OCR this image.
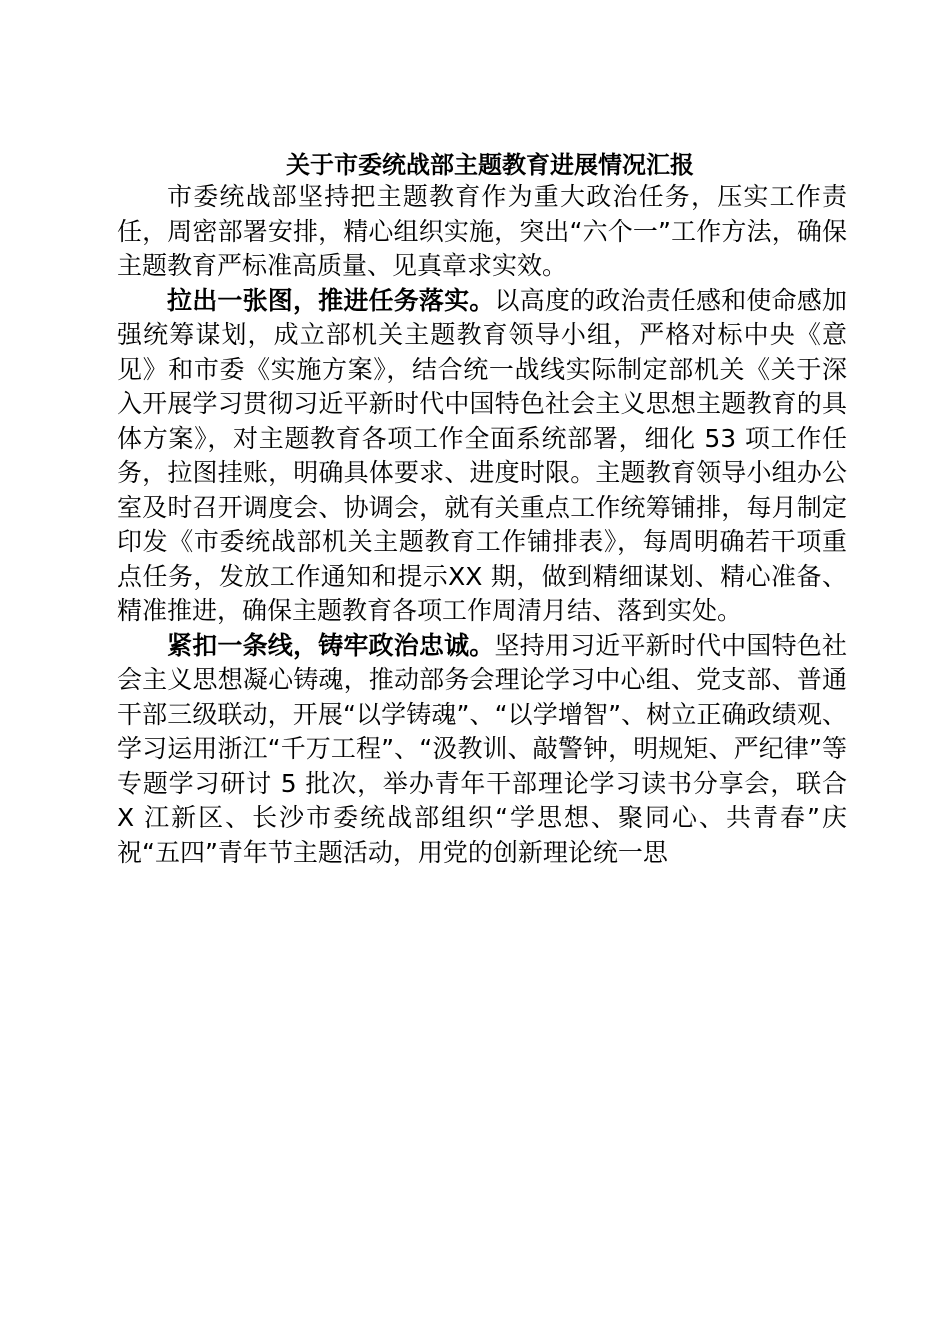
关于市委统战部主题教育进展情况汇报

市委统战部坚持把主题教育作为重大政治任务，压实工作责任，周密部署安排，精心组织实施，突出“六个一”工作方法，确保主题教育严标准高质量、见真章求实效。

拉出一张图，推进任务落实。以高度的政治责任感和使命感加强统筹谋划，成立部机关主题教育领导小组，严格对标中央《意见》和市委《实施方案》，结合统一战线实际制定部机关《关于深入开展学习贯彻习近平新时代中国特色社会主义思想主题教育的具体方案》，对主题教育各项工作全面系统部署，细化 53 项工作任务，拉图挂账，明确具体要求、进度时限。主题教育领导小组办公室及时召开调度会、协调会，就有关重点工作统筹铺排，每月制定印发《市委统战部机关主题教育工作铺排表》，每周明确若干项重点任务，发放工作通知和提示XX 期，做到精细谋划、精心准备、精准推进，确保主题教育各项工作周清月结、落到实处。

紧扣一条线，铸牢政治忠诚。坚持用习近平新时代中国特色社会主义思想凝心铸魂，推动部务会理论学习中心组、党支部、普通干部三级联动，开展“以学铸魂”、“以学增智”、树立正确政绩观、学习运用浙江“千万工程”、“汲教训、敲警钟，明规矩、严纪律”等专题学习研讨 5 批次，举办青年干部理论学习读书分享会，联合 X 江新区、长沙市委统战部组织“学思想、聚同心、共青春”庆祝“五四”青年节主题活动，用党的创新理论统一思
